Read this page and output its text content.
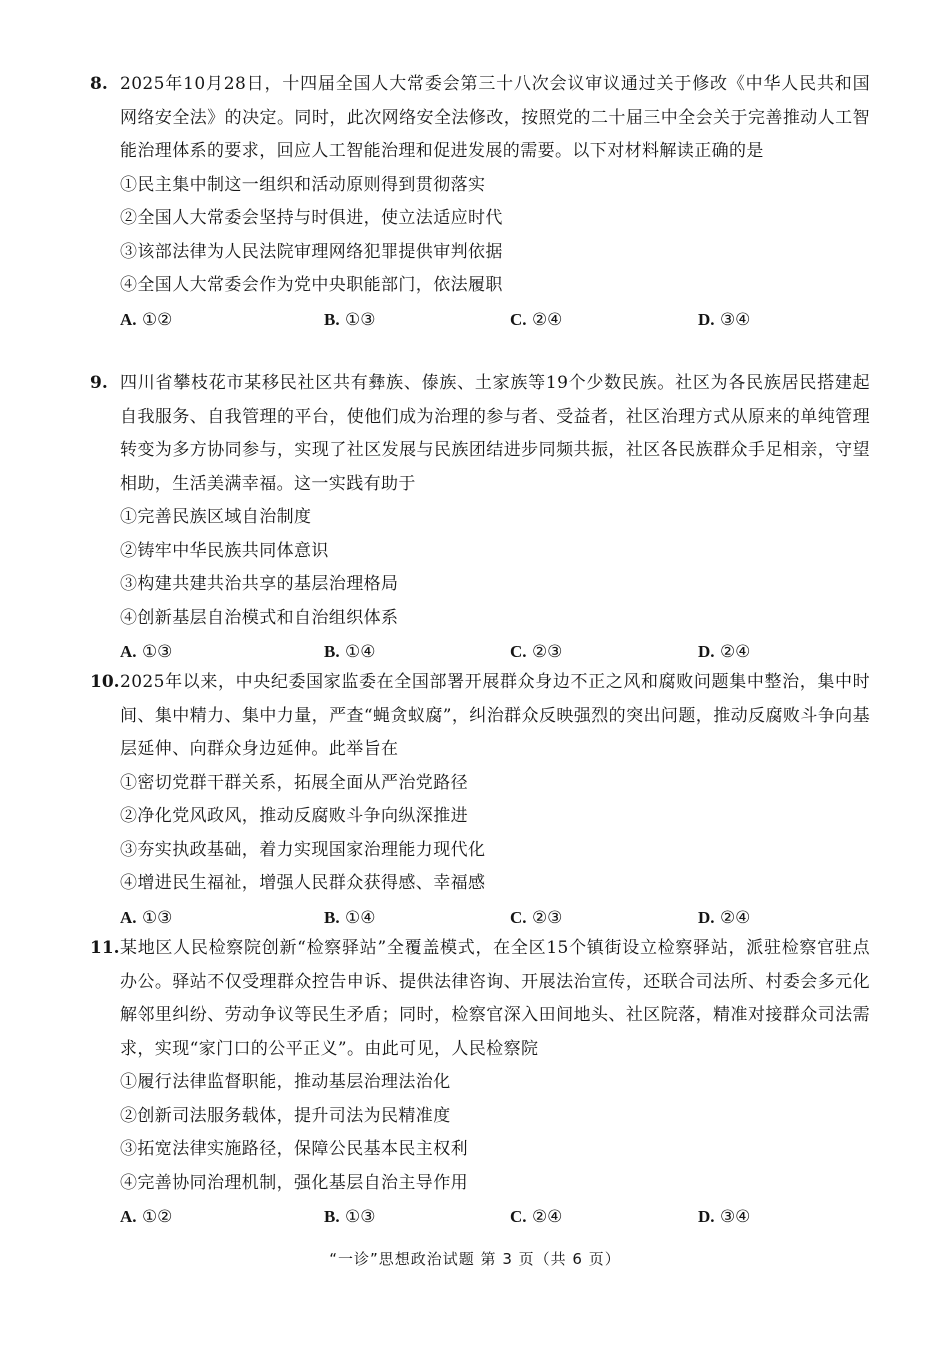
8. 2025年10月28日，十四届全国人大常委会第三十八次会议审议通过关于修改《中华人民共和国网络安全法》的决定。同时，此次网络安全法修改，按照党的二十届三中全会关于完善推动人工智能治理体系的要求，回应人工智能治理和促进发展的需要。以下对材料解读正确的是
①民主集中制这一组织和活动原则得到贯彻落实
②全国人大常委会坚持与时俱进，使立法适应时代
③该部法律为人民法院审理网络犯罪提供审判依据
④全国人大常委会作为党中央职能部门，依法履职
A. ①②	B. ①③	C. ②④	D. ③④
9. 四川省攀枝花市某移民社区共有彝族、傣族、土家族等19个少数民族。社区为各民族居民搭建起自我服务、自我管理的平台，使他们成为治理的参与者、受益者，社区治理方式从原来的单纯管理转变为多方协同参与，实现了社区发展与民族团结进步同频共振，社区各民族群众手足相亲，守望相助，生活美满幸福。这一实践有助于
①完善民族区域自治制度
②铸牢中华民族共同体意识
③构建共建共治共享的基层治理格局
④创新基层自治模式和自治组织体系
A. ①③	B. ①④	C. ②③	D. ②④
10. 2025年以来，中央纪委国家监委在全国部署开展群众身边不正之风和腐败问题集中整治，集中时间、集中精力、集中力量，严查“蝇贪蚁腐”，纠治群众反映强烈的突出问题，推动反腐败斗争向基层延伸、向群众身边延伸。此举旨在
①密切党群干群关系，拓展全面从严治党路径
②净化党风政风，推动反腐败斗争向纵深推进
③夯实执政基础，着力实现国家治理能力现代化
④增进民生福祉，增强人民群众获得感、幸福感
A. ①③	B. ①④	C. ②③	D. ②④
11. 某地区人民检察院创新“检察驿站”全覆盖模式，在全区15个镇街设立检察驿站，派驻检察官驻点办公。驿站不仅受理群众控告申诉、提供法律咨询、开展法治宣传，还联合司法所、村委会多元化解邻里纠纷、劳动争议等民生矛盾；同时，检察官深入田间地头、社区院落，精准对接群众司法需求，实现“家门口的公平正义”。由此可见，人民检察院
①履行法律监督职能，推动基层治理法治化
②创新司法服务载体，提升司法为民精准度
③拓宽法律实施路径，保障公民基本民主权利
④完善协同治理机制，强化基层自治主导作用
A. ①②	B. ①③	C. ②④	D. ③④
“一诊”思想政治试题 第 3 页（共 6 页）
